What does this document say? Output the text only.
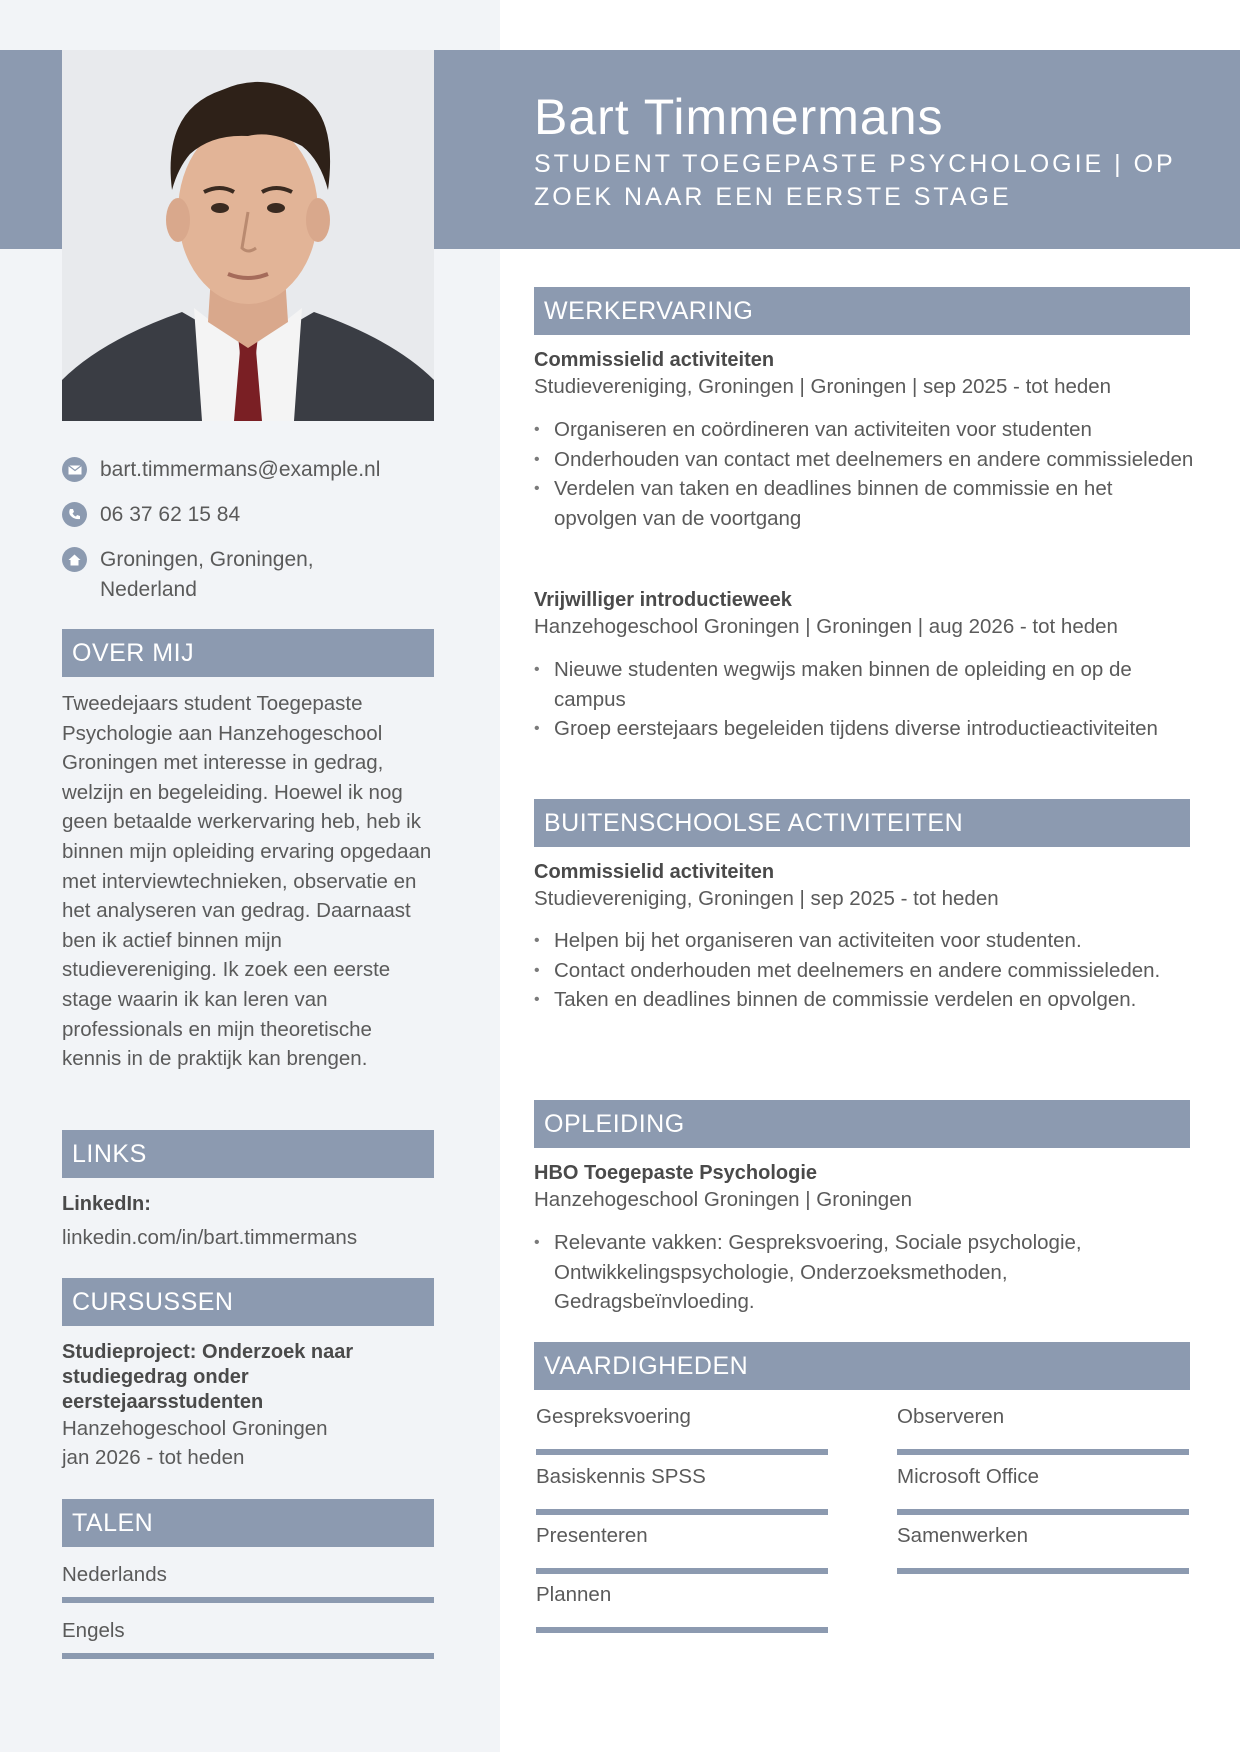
Bart Timmermans
STUDENT TOEGEPASTE PSYCHOLOGIE | OP ZOEK NAAR EEN EERSTE STAGE
bart.timmermans@example.nl
06 37 62 15 84
Groningen, Groningen,
Nederland
OVER MIJ
Tweedejaars student Toegepaste Psychologie aan Hanzehogeschool Groningen met interesse in gedrag, welzijn en begeleiding. Hoewel ik nog geen betaalde werkervaring heb, heb ik binnen mijn opleiding ervaring opgedaan met interviewtechnieken, observatie en het analyseren van gedrag. Daarnaast ben ik actief binnen mijn studievereniging. Ik zoek een eerste stage waarin ik kan leren van professionals en mijn theoretische kennis in de praktijk kan brengen.
LINKS
LinkedIn:
linkedin.com/in/bart.timmermans
CURSUSSEN
Studieproject: Onderzoek naar studiegedrag onder eerstejaarsstudenten
Hanzehogeschool Groningen
jan 2026 - tot heden
TALEN
Nederlands
Engels
WERKERVARING
Commissielid activiteiten
Studievereniging, Groningen | Groningen | sep 2025 - tot heden
• Organiseren en coördineren van activiteiten voor studenten
• Onderhouden van contact met deelnemers en andere commissieleden
• Verdelen van taken en deadlines binnen de commissie en het opvolgen van de voortgang
Vrijwilliger introductieweek
Hanzehogeschool Groningen | Groningen | aug 2026 - tot heden
• Nieuwe studenten wegwijs maken binnen de opleiding en op de campus
• Groep eerstejaars begeleiden tijdens diverse introductieactiviteiten
BUITENSCHOOLSE ACTIVITEITEN
Commissielid activiteiten
Studievereniging, Groningen | sep 2025 - tot heden
• Helpen bij het organiseren van activiteiten voor studenten.
• Contact onderhouden met deelnemers en andere commissieleden.
• Taken en deadlines binnen de commissie verdelen en opvolgen.
OPLEIDING
HBO Toegepaste Psychologie
Hanzehogeschool Groningen | Groningen
• Relevante vakken: Gespreksvoering, Sociale psychologie, Ontwikkelingspsychologie, Onderzoeksmethoden, Gedragsbeïnvloeding.
VAARDIGHEDEN
Gespreksvoering	Observeren
Basiskennis SPSS	Microsoft Office
Presenteren	Samenwerken
Plannen
